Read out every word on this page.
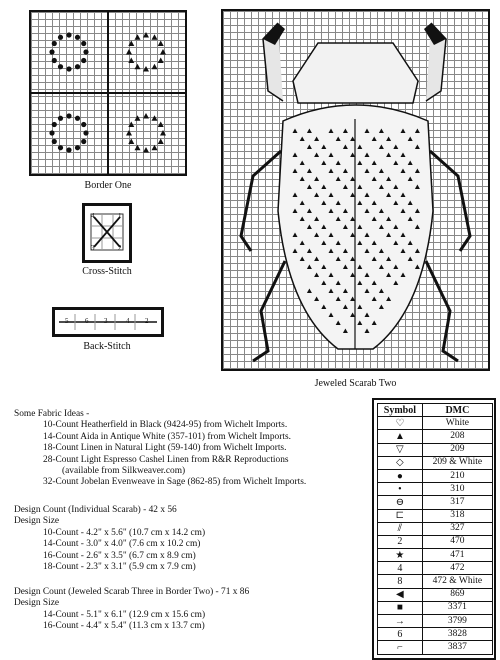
Border One
4	1
3	2
Cross-Stitch
5 6 3	4 2
Back-Stitch
Jeweled Scarab Two
Some Fabric Ideas -
10-Count Heatherfield in Black (9424-95) from Wichelt Imports.
14-Count Aida in Antique White (357-101) from Wichelt Imports.
18-Count Linen in Natural Light (59-140) from Wichelt Imports.
28-Count Light Espresso Cashel Linen from R&R Reproductions
(available from Silkweaver.com)
32-Count Jobelan Evenweave in Sage (862-85) from Wichelt Imports.
Design Count (Individual Scarab) - 42 x 56
Design Size
10-Count - 4.2" x 5.6" (10.7 cm x 14.2 cm)
14-Count - 3.0" x 4.0" (7.6 cm x 10.2 cm)
16-Count - 2.6" x 3.5" (6.7 cm x 8.9 cm)
18-Count - 2.3" x 3.1" (5.9 cm x 7.9 cm)
Design Count (Jeweled Scarab Three in Border Two) - 71 x 86
Design Size
14-Count - 5.1" x 6.1" (12.9 cm x 15.6 cm)
16-Count - 4.4" x 5.4" (11.3 cm x 13.7 cm)
Symbol	DMC
♡	White
▲	208
▽	209
◇	209 & White
●	210
•	310
⊖	317
⊏	318
⫽	327
2	470
★	471
4	472
8	472 & White
◀	869
■	3371
→	3799
6	3828
⌐	3837
